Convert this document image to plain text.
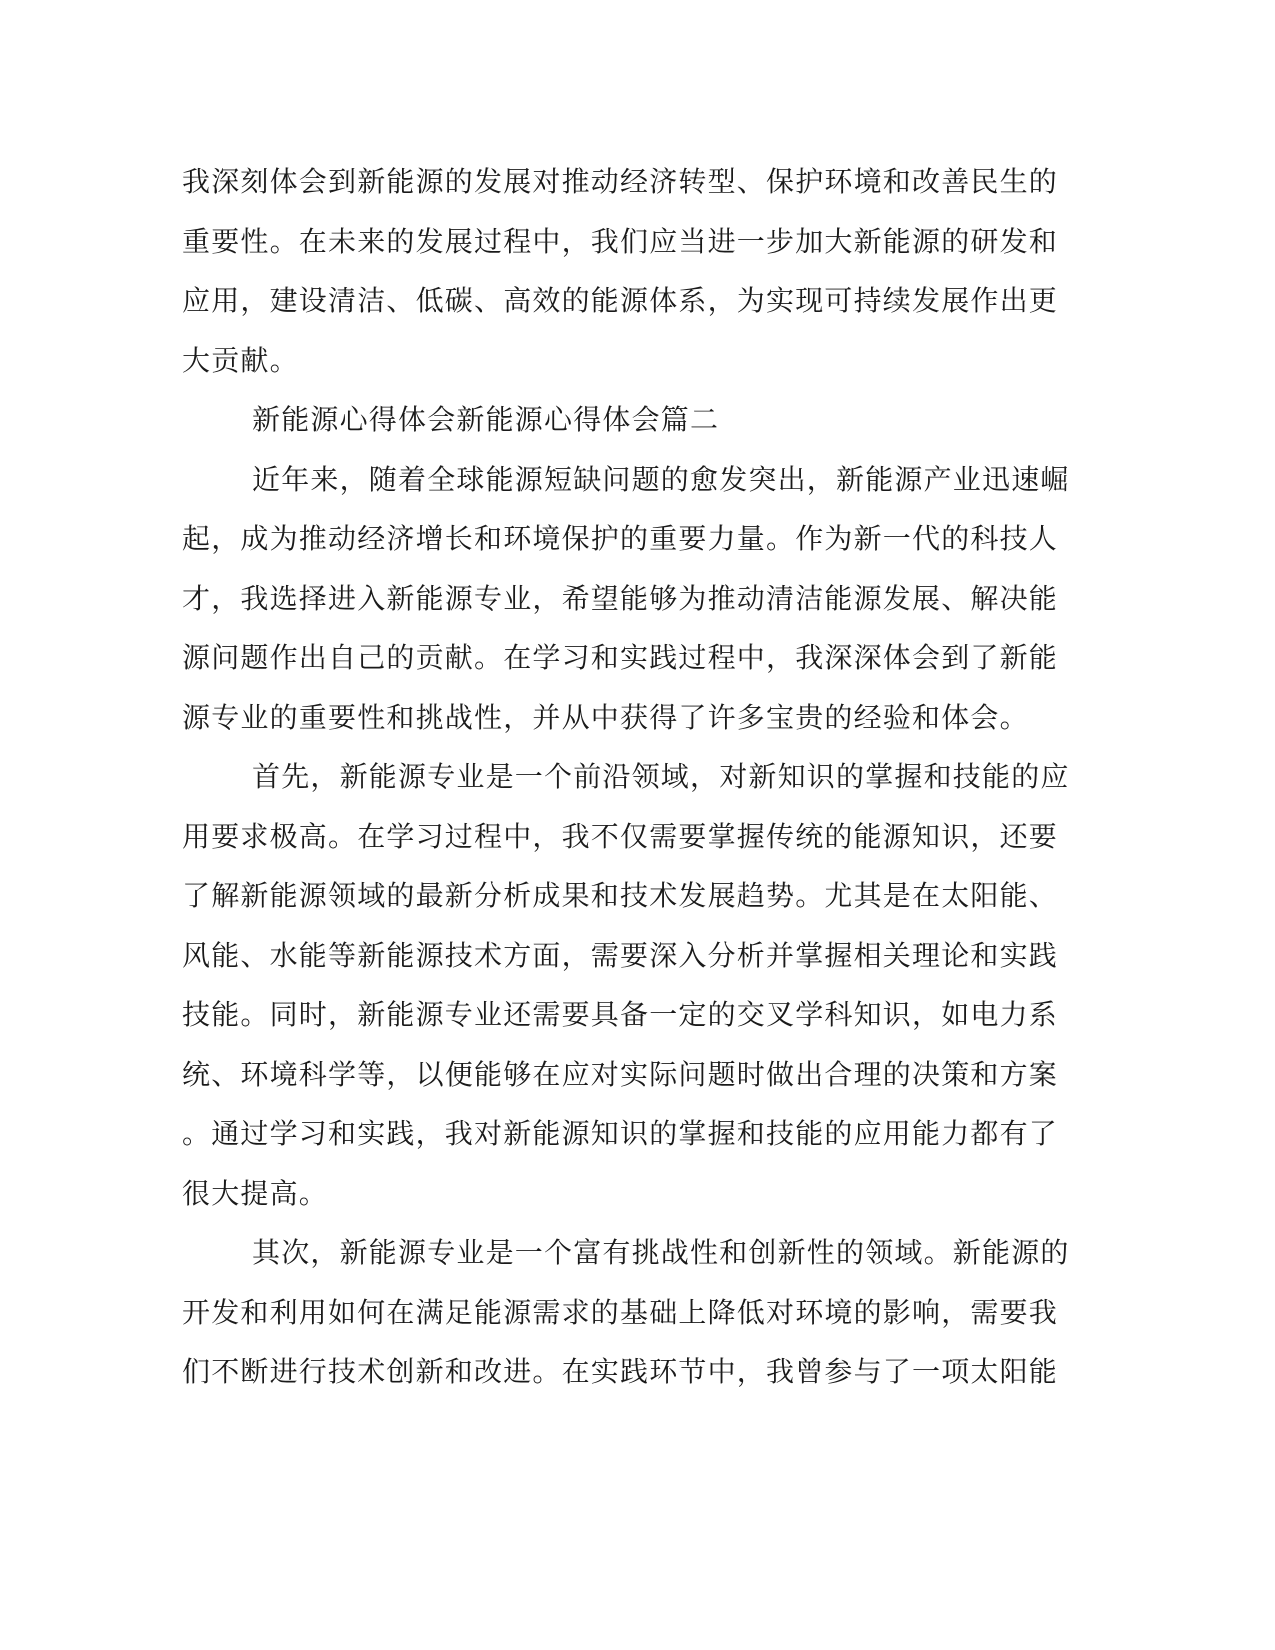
我深刻体会到新能源的发展对推动经济转型、保护环境和改善民生的
重要性。在未来的发展过程中，我们应当进一步加大新能源的研发和
应用，建设清洁、低碳、高效的能源体系，为实现可持续发展作出更
大贡献。
新能源心得体会新能源心得体会篇二
近年来，随着全球能源短缺问题的愈发突出，新能源产业迅速崛
起，成为推动经济增长和环境保护的重要力量。作为新一代的科技人
才，我选择进入新能源专业，希望能够为推动清洁能源发展、解决能
源问题作出自己的贡献。在学习和实践过程中，我深深体会到了新能
源专业的重要性和挑战性，并从中获得了许多宝贵的经验和体会。
首先，新能源专业是一个前沿领域，对新知识的掌握和技能的应
用要求极高。在学习过程中，我不仅需要掌握传统的能源知识，还要
了解新能源领域的最新分析成果和技术发展趋势。尤其是在太阳能、
风能、水能等新能源技术方面，需要深入分析并掌握相关理论和实践
技能。同时，新能源专业还需要具备一定的交叉学科知识，如电力系
统、环境科学等，以便能够在应对实际问题时做出合理的决策和方案
。通过学习和实践，我对新能源知识的掌握和技能的应用能力都有了
很大提高。
其次，新能源专业是一个富有挑战性和创新性的领域。新能源的
开发和利用如何在满足能源需求的基础上降低对环境的影响，需要我
们不断进行技术创新和改进。在实践环节中，我曾参与了一项太阳能
